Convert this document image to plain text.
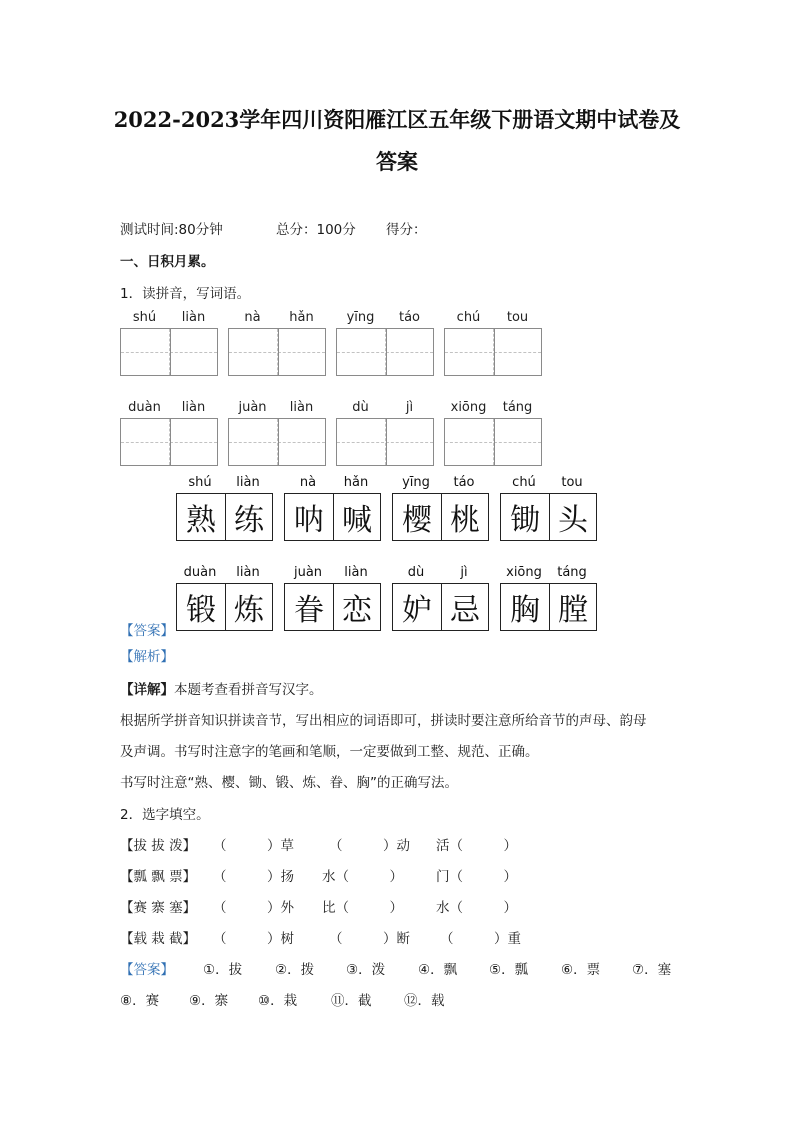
2022-2023学年四川资阳雁江区五年级下册语文期中试卷及
答案
测试时间:80分钟	总分：100分 得分：
一、日积月累。
1．读拼音，写词语。
shú	liàn	nà	hǎn	yīng	táo	chú	tou
duàn	liàn	juàn	liàn	dù	jì	xiōng	táng
shú	liàn
熟 练
nà	hǎn
呐 喊
yīng	táo
樱 桃
chú	tou
锄 头
duàn	liàn
锻 炼
juàn	liàn
眷 恋
dù	jì
妒 忌
xiōng	táng
胸 膛
【答案】
【解析】
【详解】本题考查看拼音写汉字。
根据所学拼音知识拼读音节，写出相应的词语即可，拼读时要注意所给音节的声母、韵母
及声调。书写时注意字的笔画和笔顺，一定要做到工整、规范、正确。
书写时注意“熟、樱、锄、锻、炼、眷、胸”的正确写法。
2．选字填空。
【拔 拔 泼】 （　　　）草	（　　　）动 活（　　　）
【瓢 飘 票】 （　　　）扬 水（　　　） 门（　　　）
【赛 寨 塞】 （　　　）外 比（　　　） 水（　　　）
【载 栽 截】 （　　　）树	（　　　）断 （　　　）重
【答案】 ①．拔 ②．拨 ③．泼 ④．飘 ⑤．瓢 ⑥．票 ⑦．塞
⑧．赛 ⑨．寨 ⑩．栽	⑪．截 ⑫．载
